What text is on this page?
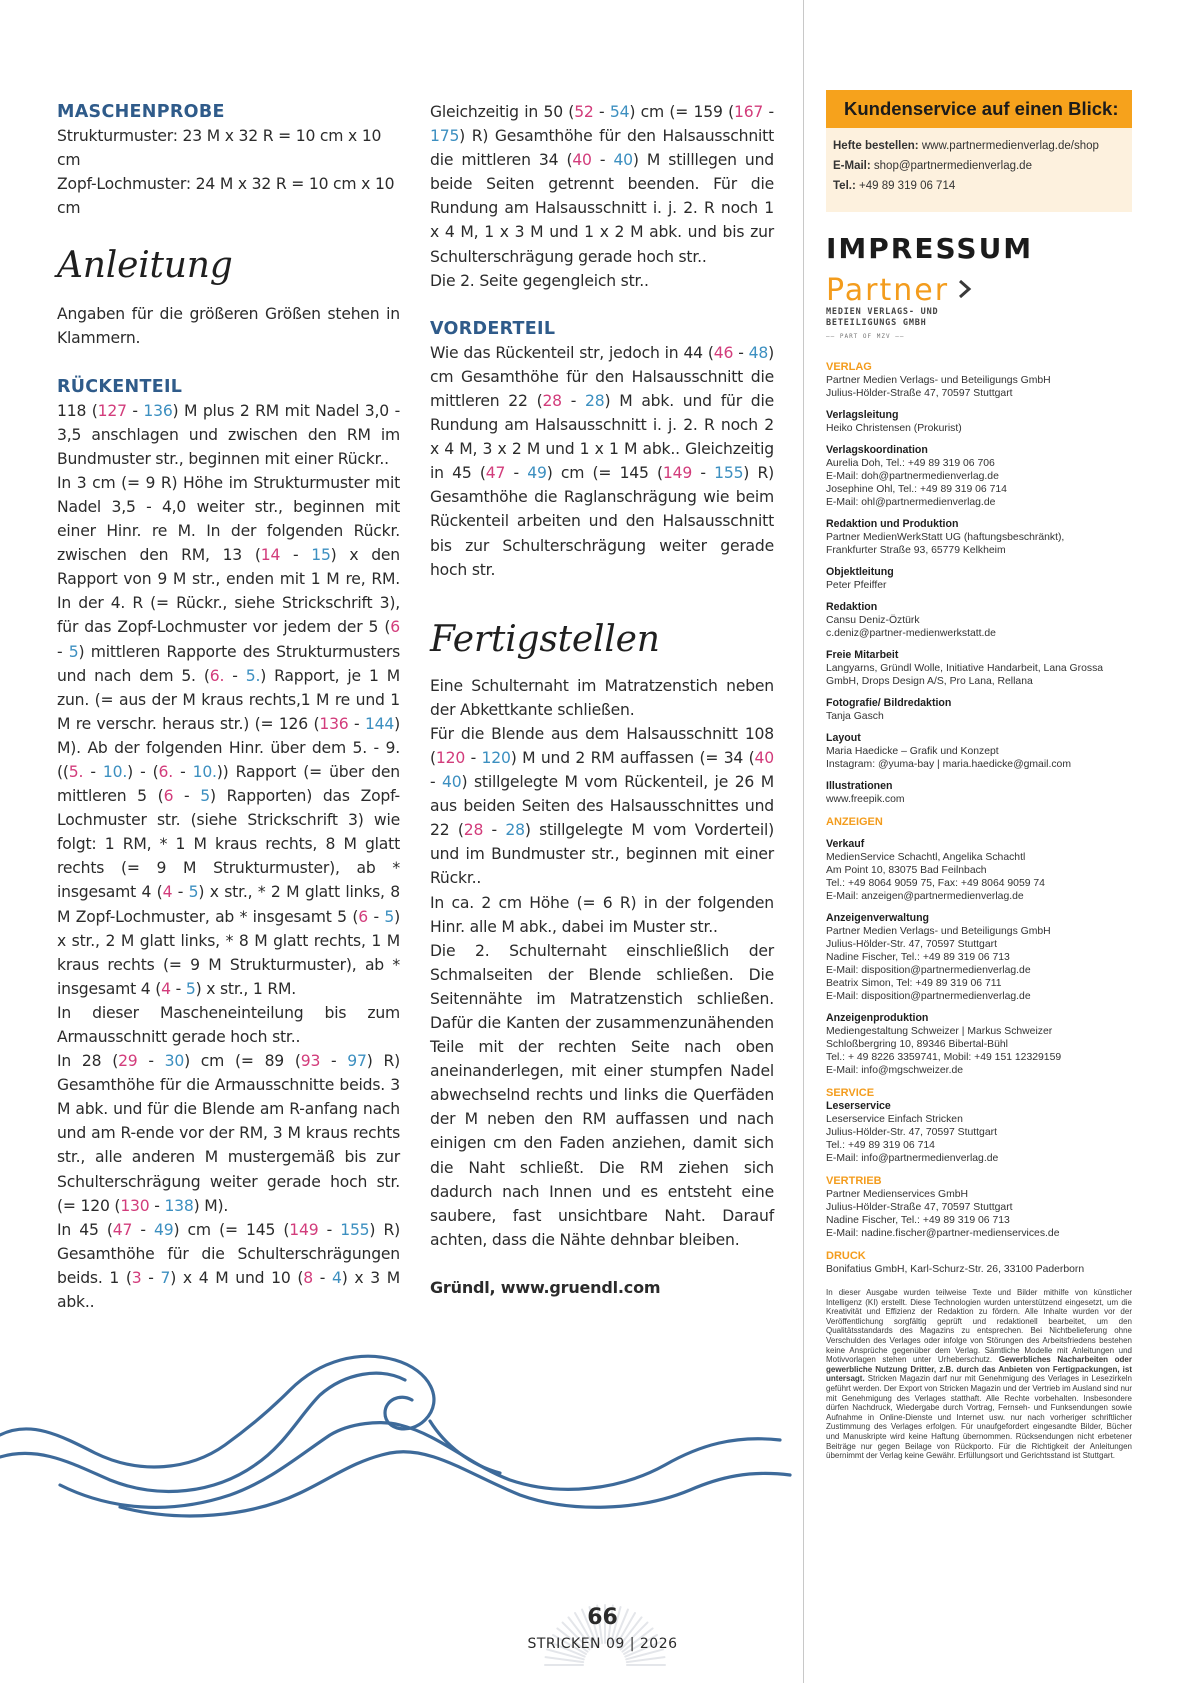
MASCHENPROBE

Strukturmuster: 23 M x 32 R = 10 cm x 10 cm

Zopf-Lochmuster: 24 M x 32 R = 10 cm x 10 cm

Anleitung

Angaben für die größeren Größen stehen in Klammern.

RÜCKENTEIL

118 (127 - 136) M plus 2 RM mit Nadel 3,0 - 3,5 anschlagen und zwischen den RM im Bundmuster str., beginnen mit einer Rückr..

In 3 cm (= 9 R) Höhe im Strukturmuster mit Nadel 3,5 - 4,0 weiter str., beginnen mit einer Hinr. re M. In der folgenden Rückr. zwischen den RM, 13 (14 - 15) x den Rapport von 9 M str., enden mit 1 M re, RM. In der 4. R (= Rückr., siehe Strickschrift 3), für das Zopf-Lochmuster vor jedem der 5 (6 - 5) mittleren Rapporte des Strukturmusters und nach dem 5. (6. - 5.) Rapport, je 1 M zun. (= aus der M kraus rechts,1 M re und 1 M re verschr. heraus str.) (= 126 (136 - 144) M). Ab der folgenden Hinr. über dem 5. - 9. ((5. - 10.) - (6. - 10.)) Rapport (= über den mittleren 5 (6 - 5) Rapporten) das Zopf-Lochmuster str. (siehe Strickschrift 3) wie folgt: 1 RM, * 1 M kraus rechts, 8 M glatt rechts (= 9 M Strukturmuster), ab * insgesamt 4 (4 - 5) x str., * 2 M glatt links, 8 M Zopf-Lochmuster, ab * insgesamt 5 (6 - 5) x str., 2 M glatt links, * 8 M glatt rechts, 1 M kraus rechts (= 9 M Strukturmuster), ab * insgesamt 4 (4 - 5) x str., 1 RM.

In dieser Mascheneinteilung bis zum Armausschnitt gerade hoch str..

In 28 (29 - 30) cm (= 89 (93 - 97) R) Gesamthöhe für die Armausschnitte beids. 3 M abk. und für die Blende am R-anfang nach und am R-ende vor der RM, 3 M kraus rechts str., alle anderen M mustergemäß bis zur Schulterschrägung weiter gerade hoch str. (= 120 (130 - 138) M).

In 45 (47 - 49) cm (= 145 (149 - 155) R) Gesamthöhe für die Schulterschrägungen beids. 1 (3 - 7) x 4 M und 10 (8 - 4) x 3 M abk..

Gleichzeitig in 50 (52 - 54) cm (= 159 (167 - 175) R) Gesamthöhe für den Halsausschnitt die mittleren 34 (40 - 40) M stilllegen und beide Seiten getrennt beenden. Für die Rundung am Halsausschnitt i. j. 2. R noch 1 x 4 M, 1 x 3 M und 1 x 2 M abk. und bis zur Schulterschrägung gerade hoch str..

Die 2. Seite gegengleich str..

VORDERTEIL

Wie das Rückenteil str, jedoch in 44 (46 - 48) cm Gesamthöhe für den Halsausschnitt die mittleren 22 (28 - 28) M abk. und für die Rundung am Halsausschnitt i. j. 2. R noch 2 x 4 M, 3 x 2 M und 1 x 1 M abk.. Gleichzeitig in 45 (47 - 49) cm (= 145 (149 - 155) R) Gesamthöhe die Raglanschrägung wie beim Rückenteil arbeiten und den Halsausschnitt bis zur Schulterschrägung weiter gerade hoch str.

Fertigstellen

Eine Schulternaht im Matratzenstich neben der Abkettkante schließen.

Für die Blende aus dem Halsausschnitt 108 (120 - 120) M und 2 RM auffassen (= 34 (40 - 40) stillgelegte M vom Rückenteil, je 26 M aus beiden Seiten des Halsausschnittes und 22 (28 - 28) stillgelegte M vom Vorderteil) und im Bundmuster str., beginnen mit einer Rückr..

In ca. 2 cm Höhe (= 6 R) in der folgenden Hinr. alle M abk., dabei im Muster str..

Die 2. Schulternaht einschließlich der Schmalseiten der Blende schließen. Die Seitennähte im Matratzenstich schließen. Dafür die Kanten der zusammenzunähenden Teile mit der rechten Seite nach oben aneinanderlegen, mit einer stumpfen Nadel abwechselnd rechts und links die Querfäden der M neben den RM auffassen und nach einigen cm den Faden anziehen, damit sich die Naht schließt. Die RM ziehen sich dadurch nach Innen und es entsteht eine saubere, fast unsichtbare Naht. Darauf achten, dass die Nähte dehnbar bleiben.

Gründl, www.gruendl.com

Kundenservice auf einen Blick:
Hefte bestellen: www.partnermedienverlag.de/shop
E-Mail: shop@partnermedienverlag.de
Tel.: +49 89 319 06 714
IMPRESSUM
Partner
MEDIEN VERLAGS- UND
BETEILIGUNGS GMBH
—— PART OF MZV ——
VERLAG
Partner Medien Verlags- und Beteiligungs GmbH
Julius-Hölder-Straße 47, 70597 Stuttgart
Verlagsleitung
Heiko Christensen (Prokurist)
Verlagskoordination
Aurelia Doh, Tel.: +49 89 319 06 706
E-Mail: doh@partnermedienverlag.de
Josephine Ohl, Tel.: +49 89 319 06 714
E-Mail: ohl@partnermedienverlag.de
Redaktion und Produktion
Partner MedienWerkStatt UG (haftungsbeschränkt),
Frankfurter Straße 93, 65779 Kelkheim
Objektleitung
Peter Pfeiffer
Redaktion
Cansu Deniz-Öztürk
c.deniz@partner-medienwerkstatt.de
Freie Mitarbeit
Langyarns, Gründl Wolle, Initiative Handarbeit, Lana Grossa
GmbH, Drops Design A/S, Pro Lana, Rellana
Fotografie/ Bildredaktion
Tanja Gasch
Layout
Maria Haedicke – Grafik und Konzept
Instagram: @yuma-bay | maria.haedicke@gmail.com
Illustrationen
www.freepik.com
ANZEIGEN
Verkauf
MedienService Schachtl, Angelika Schachtl
Am Point 10, 83075 Bad Feilnbach
Tel.: +49 8064 9059 75, Fax: +49 8064 9059 74
E-Mail: anzeigen@partnermedienverlag.de
Anzeigenverwaltung
Partner Medien Verlags- und Beteiligungs GmbH
Julius-Hölder-Str. 47, 70597 Stuttgart
Nadine Fischer, Tel.: +49 89 319 06 713
E-Mail: disposition@partnermedienverlag.de
Beatrix Simon, Tel: +49 89 319 06 711
E-Mail: disposition@partnermedienverlag.de
Anzeigenproduktion
Mediengestaltung Schweizer | Markus Schweizer
Schloßbergring 10, 89346 Bibertal-Bühl
Tel.: + 49 8226 3359741, Mobil: +49 151 12329159
E-Mail: info@mgschweizer.de
SERVICE
Leserservice
Leserservice Einfach Stricken
Julius-Hölder-Str. 47, 70597 Stuttgart
Tel.: +49 89 319 06 714
E-Mail: info@partnermedienverlag.de
VERTRIEB
Partner Medienservices GmbH
Julius-Hölder-Straße 47, 70597 Stuttgart
Nadine Fischer, Tel.: +49 89 319 06 713
E-Mail: nadine.fischer@partner-medienservices.de
DRUCK
Bonifatius GmbH, Karl-Schurz-Str. 26, 33100 Paderborn
In dieser Ausgabe wurden teilweise Texte und Bilder mithilfe von künstlicher Intelligenz (KI) erstellt. Diese Technologien wurden unterstützend eingesetzt, um die Kreativität und Effizienz der Redaktion zu fördern. Alle Inhalte wurden vor der Veröffentlichung sorgfältig geprüft und redaktionell bearbeitet, um den Qualitätsstandards des Magazins zu entsprechen. Bei Nichtbelieferung ohne Verschulden des Verlages oder infolge von Störungen des Arbeitsfriedens bestehen keine Ansprüche gegenüber dem Verlag. Sämtliche Modelle mit Anleitungen und Motivvorlagen stehen unter Urheberschutz. Gewerbliches Nacharbeiten oder gewerbliche Nutzung Dritter, z.B. durch das Anbieten von Fertigpackungen, ist untersagt. Stricken Magazin darf nur mit Genehmigung des Verlages in Lesezirkeln geführt werden. Der Export von Stricken Magazin und der Vertrieb im Ausland sind nur mit Genehmigung des Verlages statthaft. Alle Rechte vorbehalten. Insbesondere dürfen Nachdruck, Wiedergabe durch Vortrag, Fernseh- und Funksendungen sowie Aufnahme in Online-Dienste und Internet usw. nur nach vorheriger schriftlicher Zustimmung des Verlages erfolgen. Für unaufgefordert eingesandte Bilder, Bücher und Manuskripte wird keine Haftung übernommen. Rücksendungen nicht erbetener Beiträge nur gegen Beilage von Rückporto. Für die Richtigkeit der Anleitungen übernimmt der Verlag keine Gewähr. Erfüllungsort und Gerichtsstand ist Stuttgart.
66
STRICKEN 09 | 2026
